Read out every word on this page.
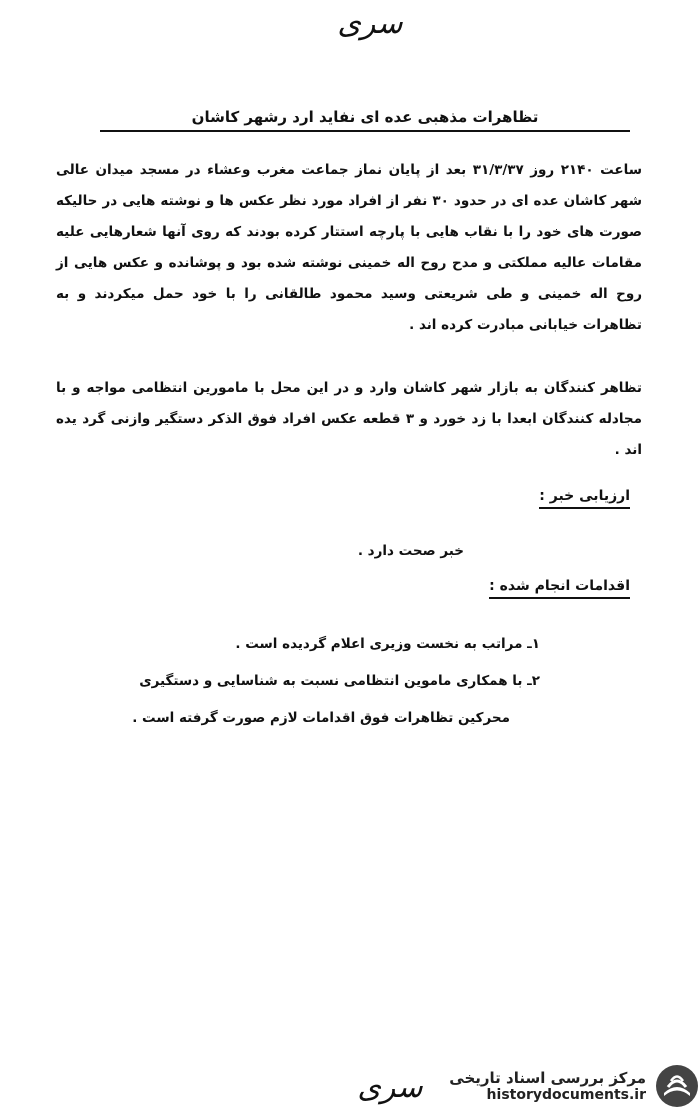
سری
تظاهرات مذهبی عده ای نفاید ارد رشهر کاشان
ساعت ۲۱۴۰ روز ۳۱/۳/۳۷ بعد از پایان نماز جماعت مغرب وعشاء در مسجد میدان عالی شهر کاشان عده ای در حدود ۳۰ نفر از افراد مورد نظر عکس ها و نوشته هایی در حالیکه صورت های خود را با نقاب هایی با پارچه استتار کرده بودند که روی آنها شعارهایی علیه مقامات عالیه مملکتی و مدح روح اله خمینی نوشته شده بود و پوشانده و عکس هایی از روح اله خمینی و طی شریعتی وسید محمود طالقانی را با خود حمل میکردند و به تظاهرات خیابانی مبادرت کرده اند .
تظاهر کنندگان به بازار شهر کاشان وارد و در این محل با مامورین انتظامی مواجه و با مجادله کنندگان ابعدا با زد خورد و ۳ قطعه عکس افراد فوق الذکر دستگیر وازنی گرد یده اند .
ارزیابی خبر :
خبر صحت دارد .
اقدامات انجام شده :
۱ـ مراتب به نخست وزیری اعلام گردیده است .
۲ـ با همکاری ماموین انتظامی نسبت به شناسایی و دستگیری
محرکین تظاهرات فوق اقدامات لازم صورت گرفته است .
سری	مرکز بررسی اسناد تاریخی
historydocuments.ir
